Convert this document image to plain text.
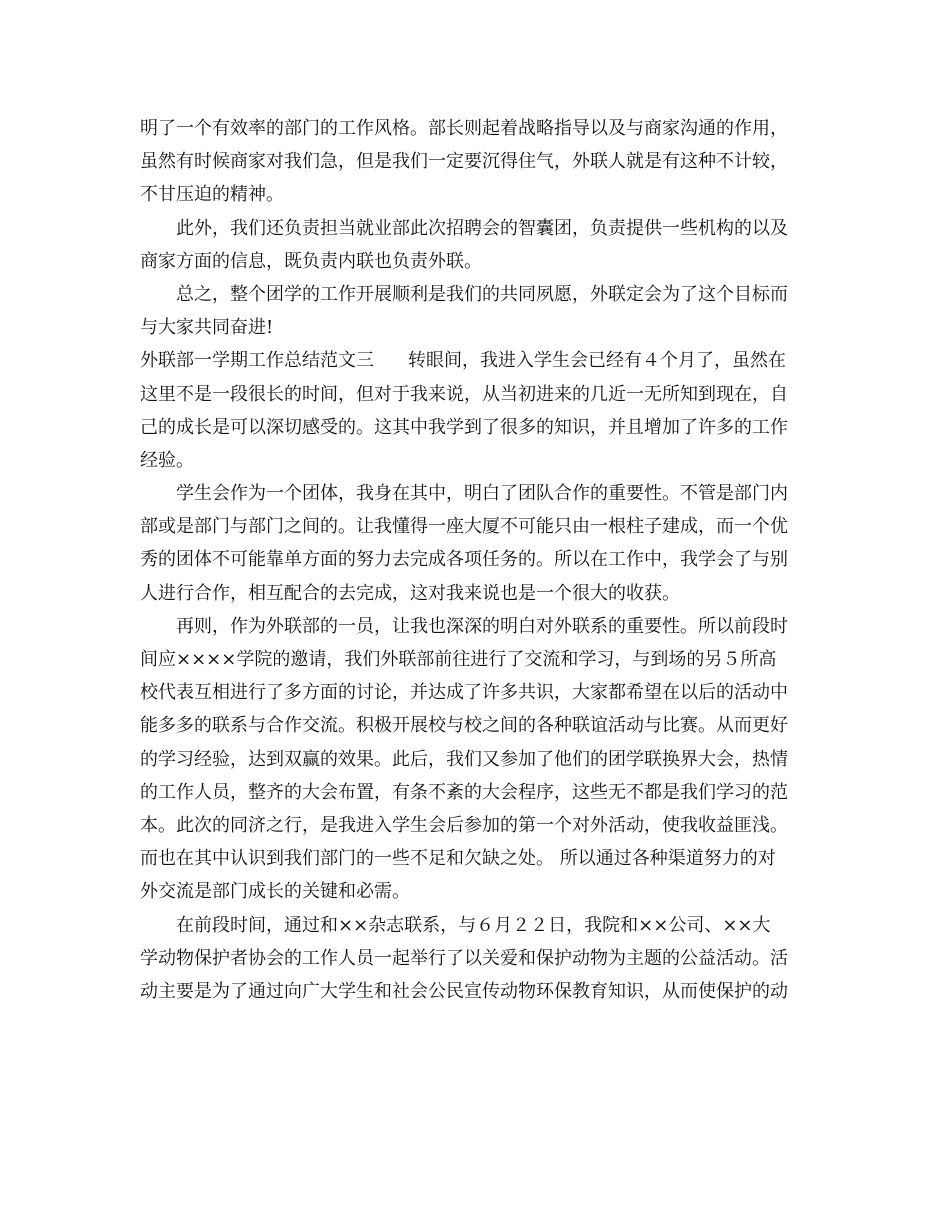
明了一个有效率的部门的工作风格。部长则起着战略指导以及与商家沟通的作用，
虽然有时候商家对我们急，但是我们一定要沉得住气，外联人就是有这种不计较，
不甘压迫的精神。
此外，我们还负责担当就业部此次招聘会的智囊团，负责提供一些机构的以及
商家方面的信息，既负责内联也负责外联。
总之，整个团学的工作开展顺利是我们的共同夙愿，外联定会为了这个目标而
与大家共同奋进!
外联部一学期工作总结范文三 转眼间，我进入学生会已经有４个月了，虽然在
这里不是一段很长的时间，但对于我来说，从当初进来的几近一无所知到现在，自
己的成长是可以深切感受的。这其中我学到了很多的知识，并且增加了许多的工作
经验。
学生会作为一个团体，我身在其中，明白了团队合作的重要性。不管是部门内
部或是部门与部门之间的。让我懂得一座大厦不可能只由一根柱子建成，而一个优
秀的团体不可能靠单方面的努力去完成各项任务的。所以在工作中，我学会了与别
人进行合作，相互配合的去完成，这对我来说也是一个很大的收获。
再则，作为外联部的一员，让我也深深的明白对外联系的重要性。所以前段时
间应××××学院的邀请，我们外联部前往进行了交流和学习，与到场的另５所高
校代表互相进行了多方面的讨论，并达成了许多共识，大家都希望在以后的活动中
能多多的联系与合作交流。积极开展校与校之间的各种联谊活动与比赛。从而更好
的学习经验，达到双赢的效果。此后，我们又参加了他们的团学联换界大会，热情
的工作人员，整齐的大会布置，有条不紊的大会程序，这些无不都是我们学习的范
本。此次的同济之行，是我进入学生会后参加的第一个对外活动，使我收益匪浅。
而也在其中认识到我们部门的一些不足和欠缺之处。 所以通过各种渠道努力的对
外交流是部门成长的关键和必需。
在前段时间，通过和××杂志联系，与６月２２日，我院和××公司、××大
学动物保护者协会的工作人员一起举行了以关爱和保护动物为主题的公益活动。活
动主要是为了通过向广大学生和社会公民宣传动物环保教育知识，从而使保护的动
